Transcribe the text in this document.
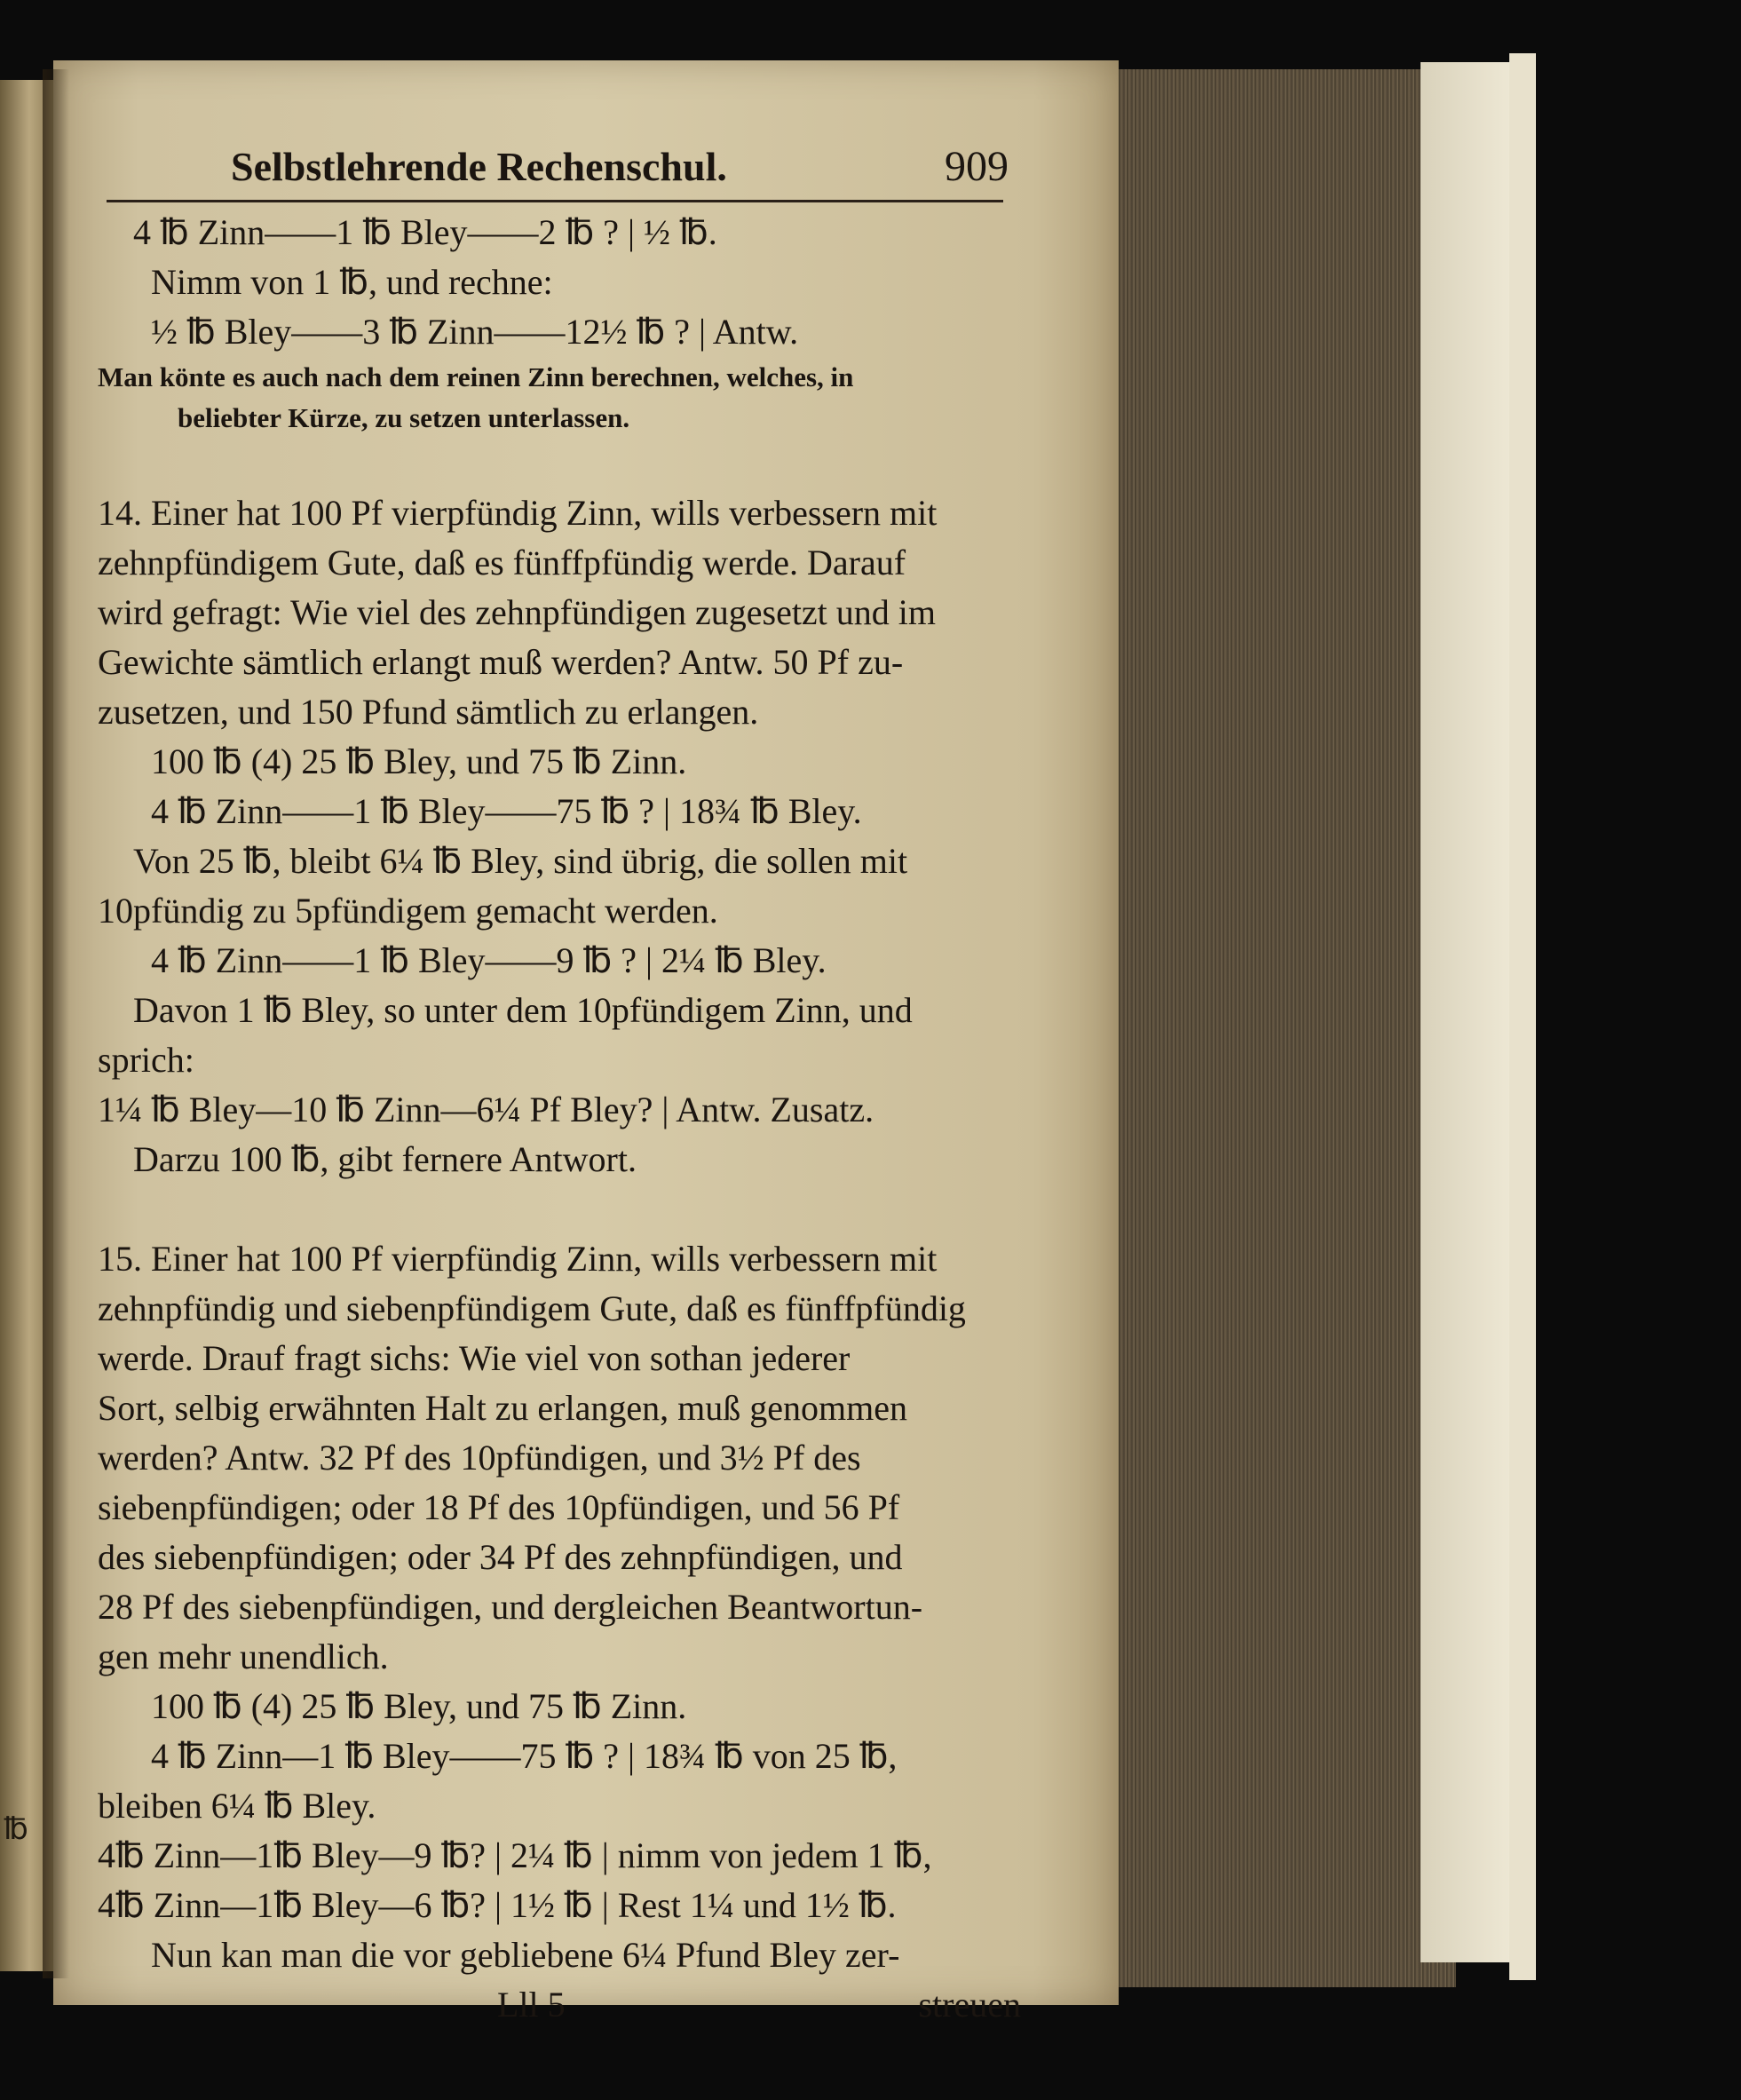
℔
Selbstlehrende Rechenschul.	909

4 ℔ Zinn——1 ℔ Bley——2 ℔ ? | ½ ℔.

Nimm von 1 ℔, und rechne:

½ ℔ Bley——3 ℔ Zinn——12½ ℔ ? | Antw.

Man könte es auch nach dem reinen Zinn berechnen, welches, in

beliebter Kürze, zu setzen unterlassen.

14. Einer hat 100 Pf vierpfündig Zinn, wills verbessern mit

zehnpfündigem Gute, daß es fünffpfündig werde. Darauf

wird gefragt: Wie viel des zehnpfündigen zugesetzt und im

Gewichte sämtlich erlangt muß werden? Antw. 50 Pf zu-

zusetzen, und 150 Pfund sämtlich zu erlangen.

100 ℔ (4) 25 ℔ Bley, und 75 ℔ Zinn.

4 ℔ Zinn——1 ℔ Bley——75 ℔ ? | 18¾ ℔ Bley.

Von 25 ℔, bleibt 6¼ ℔ Bley, sind übrig, die sollen mit

10pfündig zu 5pfündigem gemacht werden.

4 ℔ Zinn——1 ℔ Bley——9 ℔ ? | 2¼ ℔ Bley.

Davon 1 ℔ Bley, so unter dem 10pfündigem Zinn, und

sprich:

1¼ ℔ Bley—10 ℔ Zinn—6¼ Pf Bley? | Antw. Zusatz.

Darzu 100 ℔, gibt fernere Antwort.

15. Einer hat 100 Pf vierpfündig Zinn, wills verbessern mit

zehnpfündig und siebenpfündigem Gute, daß es fünffpfündig

werde. Drauf fragt sichs: Wie viel von sothan jederer

Sort, selbig erwähnten Halt zu erlangen, muß genommen

werden? Antw. 32 Pf des 10pfündigen, und 3½ Pf des

siebenpfündigen; oder 18 Pf des 10pfündigen, und 56 Pf

des siebenpfündigen; oder 34 Pf des zehnpfündigen, und

28 Pf des siebenpfündigen, und dergleichen Beantwortun-

gen mehr unendlich.

100 ℔ (4) 25 ℔ Bley, und 75 ℔ Zinn.

4 ℔ Zinn—1 ℔ Bley——75 ℔ ? | 18¾ ℔ von 25 ℔,

bleiben 6¼ ℔ Bley.

4℔ Zinn—1℔ Bley—9 ℔? | 2¼ ℔ | nimm von jedem 1 ℔,

4℔ Zinn—1℔ Bley—6 ℔? | 1½ ℔ | Rest 1¼ und 1½ ℔.

Nun kan man die vor gebliebene 6¼ Pfund Bley zer-

Lll 5	streuen
